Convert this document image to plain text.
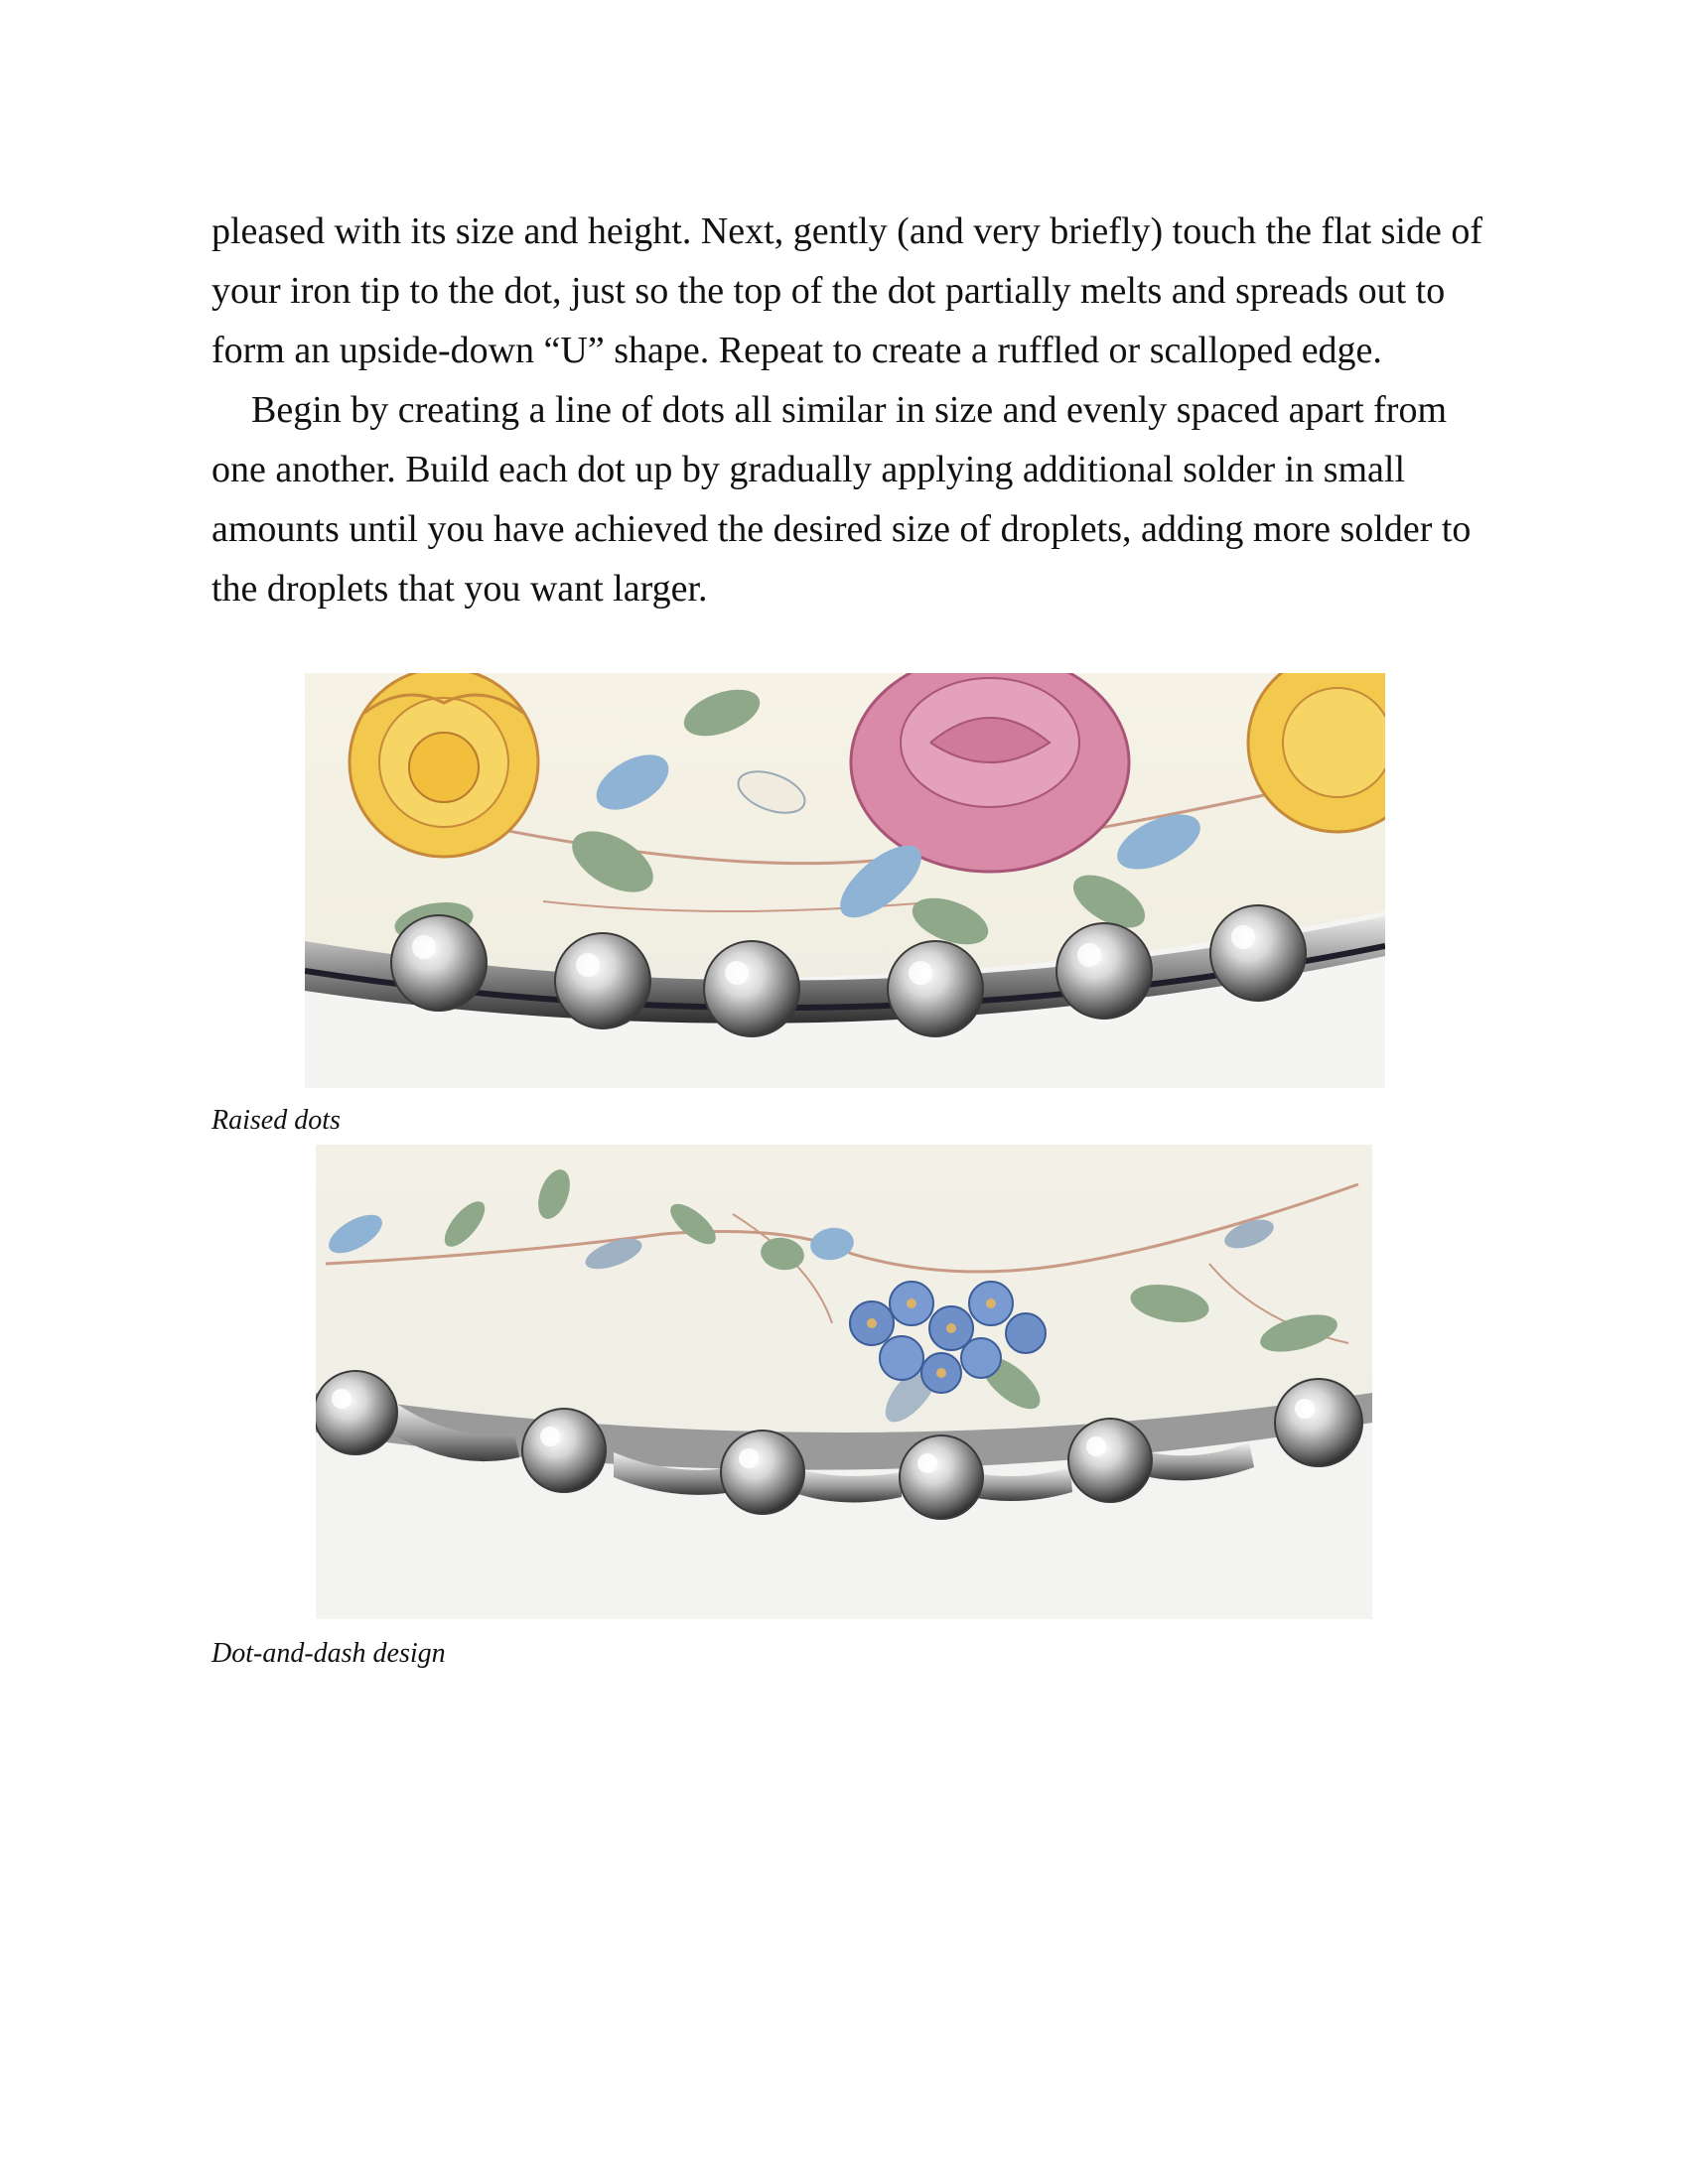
pleased with its size and height. Next, gently (and very briefly) touch the flat side of your iron tip to the dot, just so the top of the dot partially melts and spreads out to form an upside-down “U” shape. Repeat to create a ruffled or scalloped edge.

Begin by creating a line of dots all similar in size and evenly spaced apart from one another. Build each dot up by gradually applying additional solder in small amounts until you have achieved the desired size of droplets, adding more solder to the droplets that you want larger.

Raised dots

Dot-and-dash design
